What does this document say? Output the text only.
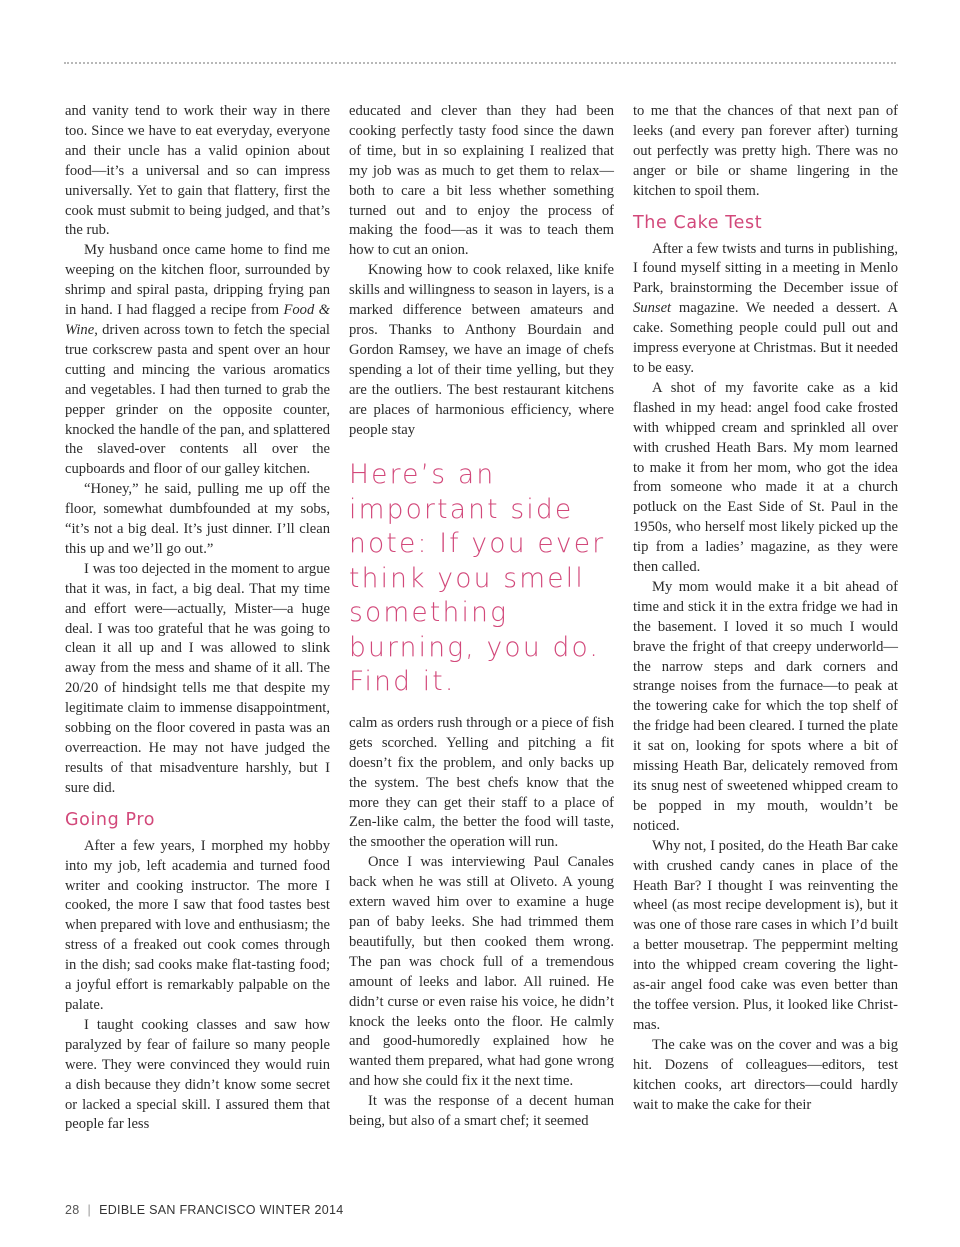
and vanity tend to work their way in there too. Since we have to eat everyday, everyone and their uncle has a valid opinion about food—it’s a universal and so can impress universally. Yet to gain that flattery, first the cook must submit to being judged, and that’s the rub.

My husband once came home to find me weeping on the kitchen floor, surrounded by shrimp and spiral pasta, dripping frying pan in hand. I had flagged a recipe from Food & Wine, driven across town to fetch the special true corkscrew pasta and spent over an hour cutting and mincing the various aromatics and vegetables. I had then turned to grab the pepper grinder on the opposite counter, knocked the handle of the pan, and splattered the slaved-over contents all over the cupboards and floor of our galley kitchen.

“Honey,” he said, pulling me up off the floor, somewhat dumbfounded at my sobs, “it’s not a big deal. It’s just dinner. I’ll clean this up and we’ll go out.”

I was too dejected in the moment to argue that it was, in fact, a big deal. That my time and effort were—actually, Mister—a huge deal. I was too grateful that he was going to clean it all up and I was allowed to slink away from the mess and shame of it all. The 20/20 of hindsight tells me that despite my legitimate claim to immense disappointment, sobbing on the floor covered in pasta was an overreaction. He may not have judged the results of that misadventure harshly, but I sure did.

Going Pro

After a few years, I morphed my hobby into my job, left academia and turned food writer and cooking instructor. The more I cooked, the more I saw that food tastes best when prepared with love and enthusiasm; the stress of a freaked out cook comes through in the dish; sad cooks make flat-tasting food; a joyful effort is remarkably palpable on the palate.

I taught cooking classes and saw how paralyzed by fear of failure so many people were. They were convinced they would ruin a dish because they didn’t know some secret or lacked a special skill. I assured them that people far less

educated and clever than they had been cooking perfectly tasty food since the dawn of time, but in so explaining I realized that my job was as much to get them to relax—both to care a bit less whether something turned out and to enjoy the process of making the food—as it was to teach them how to cut an onion.

Knowing how to cook relaxed, like knife skills and willingness to season in layers, is a marked difference between amateurs and pros. Thanks to Anthony Bourdain and Gordon Ramsey, we have an image of chefs spending a lot of their time yelling, but they are the outliers. The best restaurant kitchens are places of harmonious efficiency, where people stay

Here’s an important side note: If you ever think you smell something burning, you do. Find it.

calm as orders rush through or a piece of fish gets scorched. Yelling and pitching a fit doesn’t fix the problem, and only backs up the system. The best chefs know that the more they can get their staff to a place of Zen-like calm, the better the food will taste, the smoother the operation will run.

Once I was interviewing Paul Canales back when he was still at Oliveto. A young extern waved him over to examine a huge pan of baby leeks. She had trimmed them beautifully, but then cooked them wrong. The pan was chock full of a tremendous amount of leeks and labor. All ruined. He didn’t curse or even raise his voice, he didn’t knock the leeks onto the floor. He calmly and good-humoredly explained how he wanted them prepared, what had gone wrong and how she could fix it the next time.

It was the response of a decent human being, but also of a smart chef; it seemed

to me that the chances of that next pan of leeks (and every pan forever after) turning out perfectly was pretty high. There was no anger or bile or shame lingering in the kitchen to spoil them.

The Cake Test

After a few twists and turns in publishing, I found myself sitting in a meeting in Menlo Park, brainstorming the December issue of Sunset magazine. We needed a dessert. A cake. Something people could pull out and impress everyone at Christmas. But it needed to be easy.

A shot of my favorite cake as a kid flashed in my head: angel food cake frosted with whipped cream and sprinkled all over with crushed Heath Bars. My mom learned to make it from her mom, who got the idea from someone who made it at a church potluck on the East Side of St. Paul in the 1950s, who herself most likely picked up the tip from a ladies’ magazine, as they were then called.

My mom would make it a bit ahead of time and stick it in the extra fridge we had in the basement. I loved it so much I would brave the fright of that creepy underworld—the narrow steps and dark corners and strange noises from the furnace—to peak at the towering cake for which the top shelf of the fridge had been cleared. I turned the plate it sat on, looking for spots where a bit of missing Heath Bar, delicately removed from its snug nest of sweetened whipped cream to be popped in my mouth, wouldn’t be noticed.

Why not, I posited, do the Heath Bar cake with crushed candy canes in place of the Heath Bar? I thought I was reinventing the wheel (as most recipe development is), but it was one of those rare cases in which I’d built a better mousetrap. The peppermint melting into the whipped cream covering the light-as-air angel food cake was even better than the toffee version. Plus, it looked like Christmas.

The cake was on the cover and was a big hit. Dozens of colleagues—editors, test kitchen cooks, art directors—could hardly wait to make the cake for their

28 | EDIBLE SAN FRANCISCO WINTER 2014
